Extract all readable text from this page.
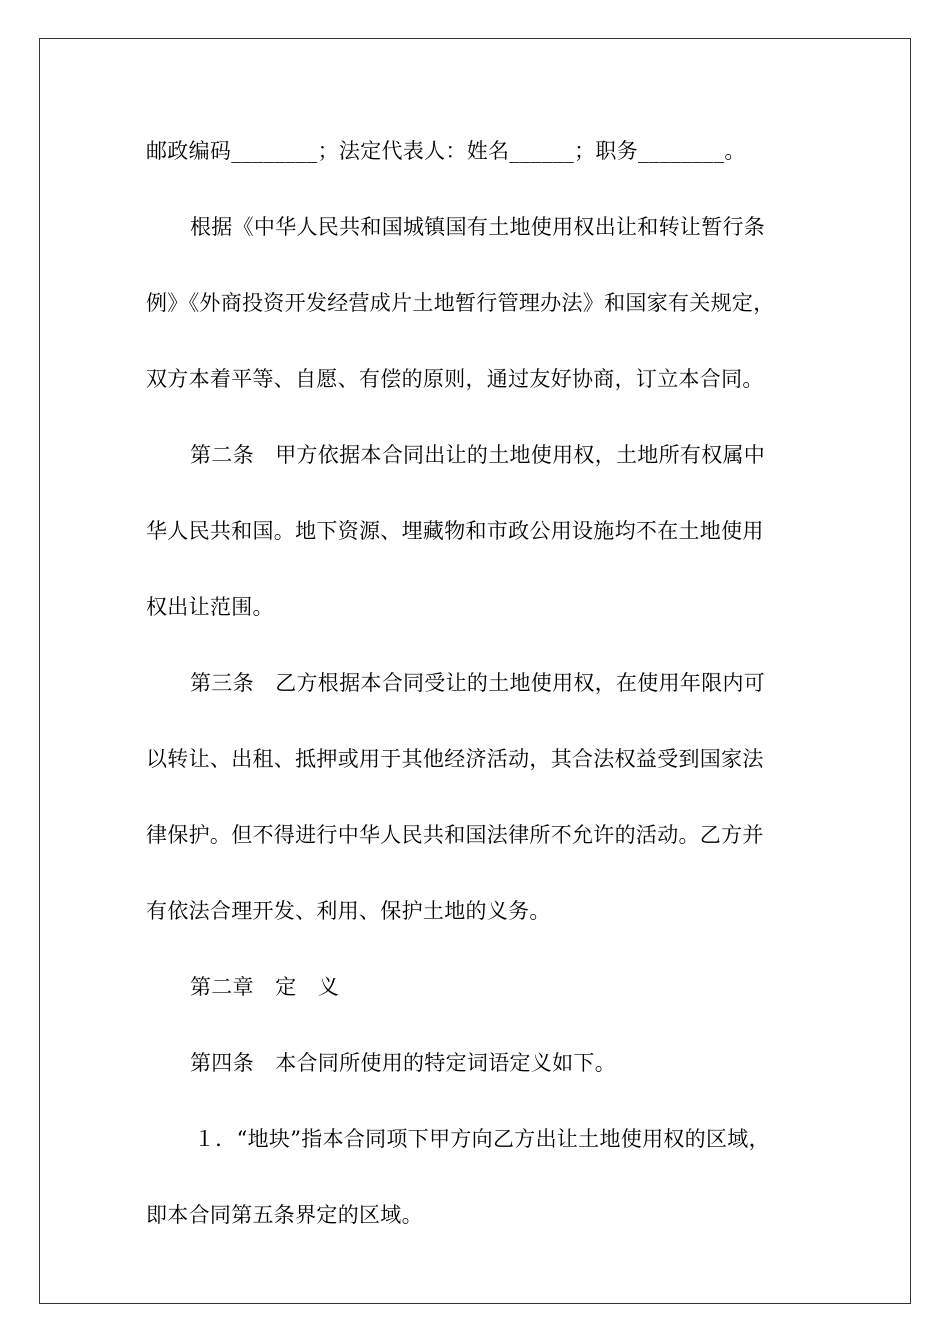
邮政编码________；法定代表人：姓名______；职务________。
根据《中华人民共和国城镇国有土地使用权出让和转让暂行条
例》《外商投资开发经营成片土地暂行管理办法》和国家有关规定，
双方本着平等、自愿、有偿的原则，通过友好协商，订立本合同。
第二条　甲方依据本合同出让的土地使用权，土地所有权属中
华人民共和国。地下资源、埋藏物和市政公用设施均不在土地使用
权出让范围。
第三条　乙方根据本合同受让的土地使用权，在使用年限内可
以转让、出租、抵押或用于其他经济活动，其合法权益受到国家法
律保护。但不得进行中华人民共和国法律所不允许的活动。乙方并
有依法合理开发、利用、保护土地的义务。
第二章　定　义
第四条　本合同所使用的特定词语定义如下。
１．“地块”指本合同项下甲方向乙方出让土地使用权的区域，
即本合同第五条界定的区域。
